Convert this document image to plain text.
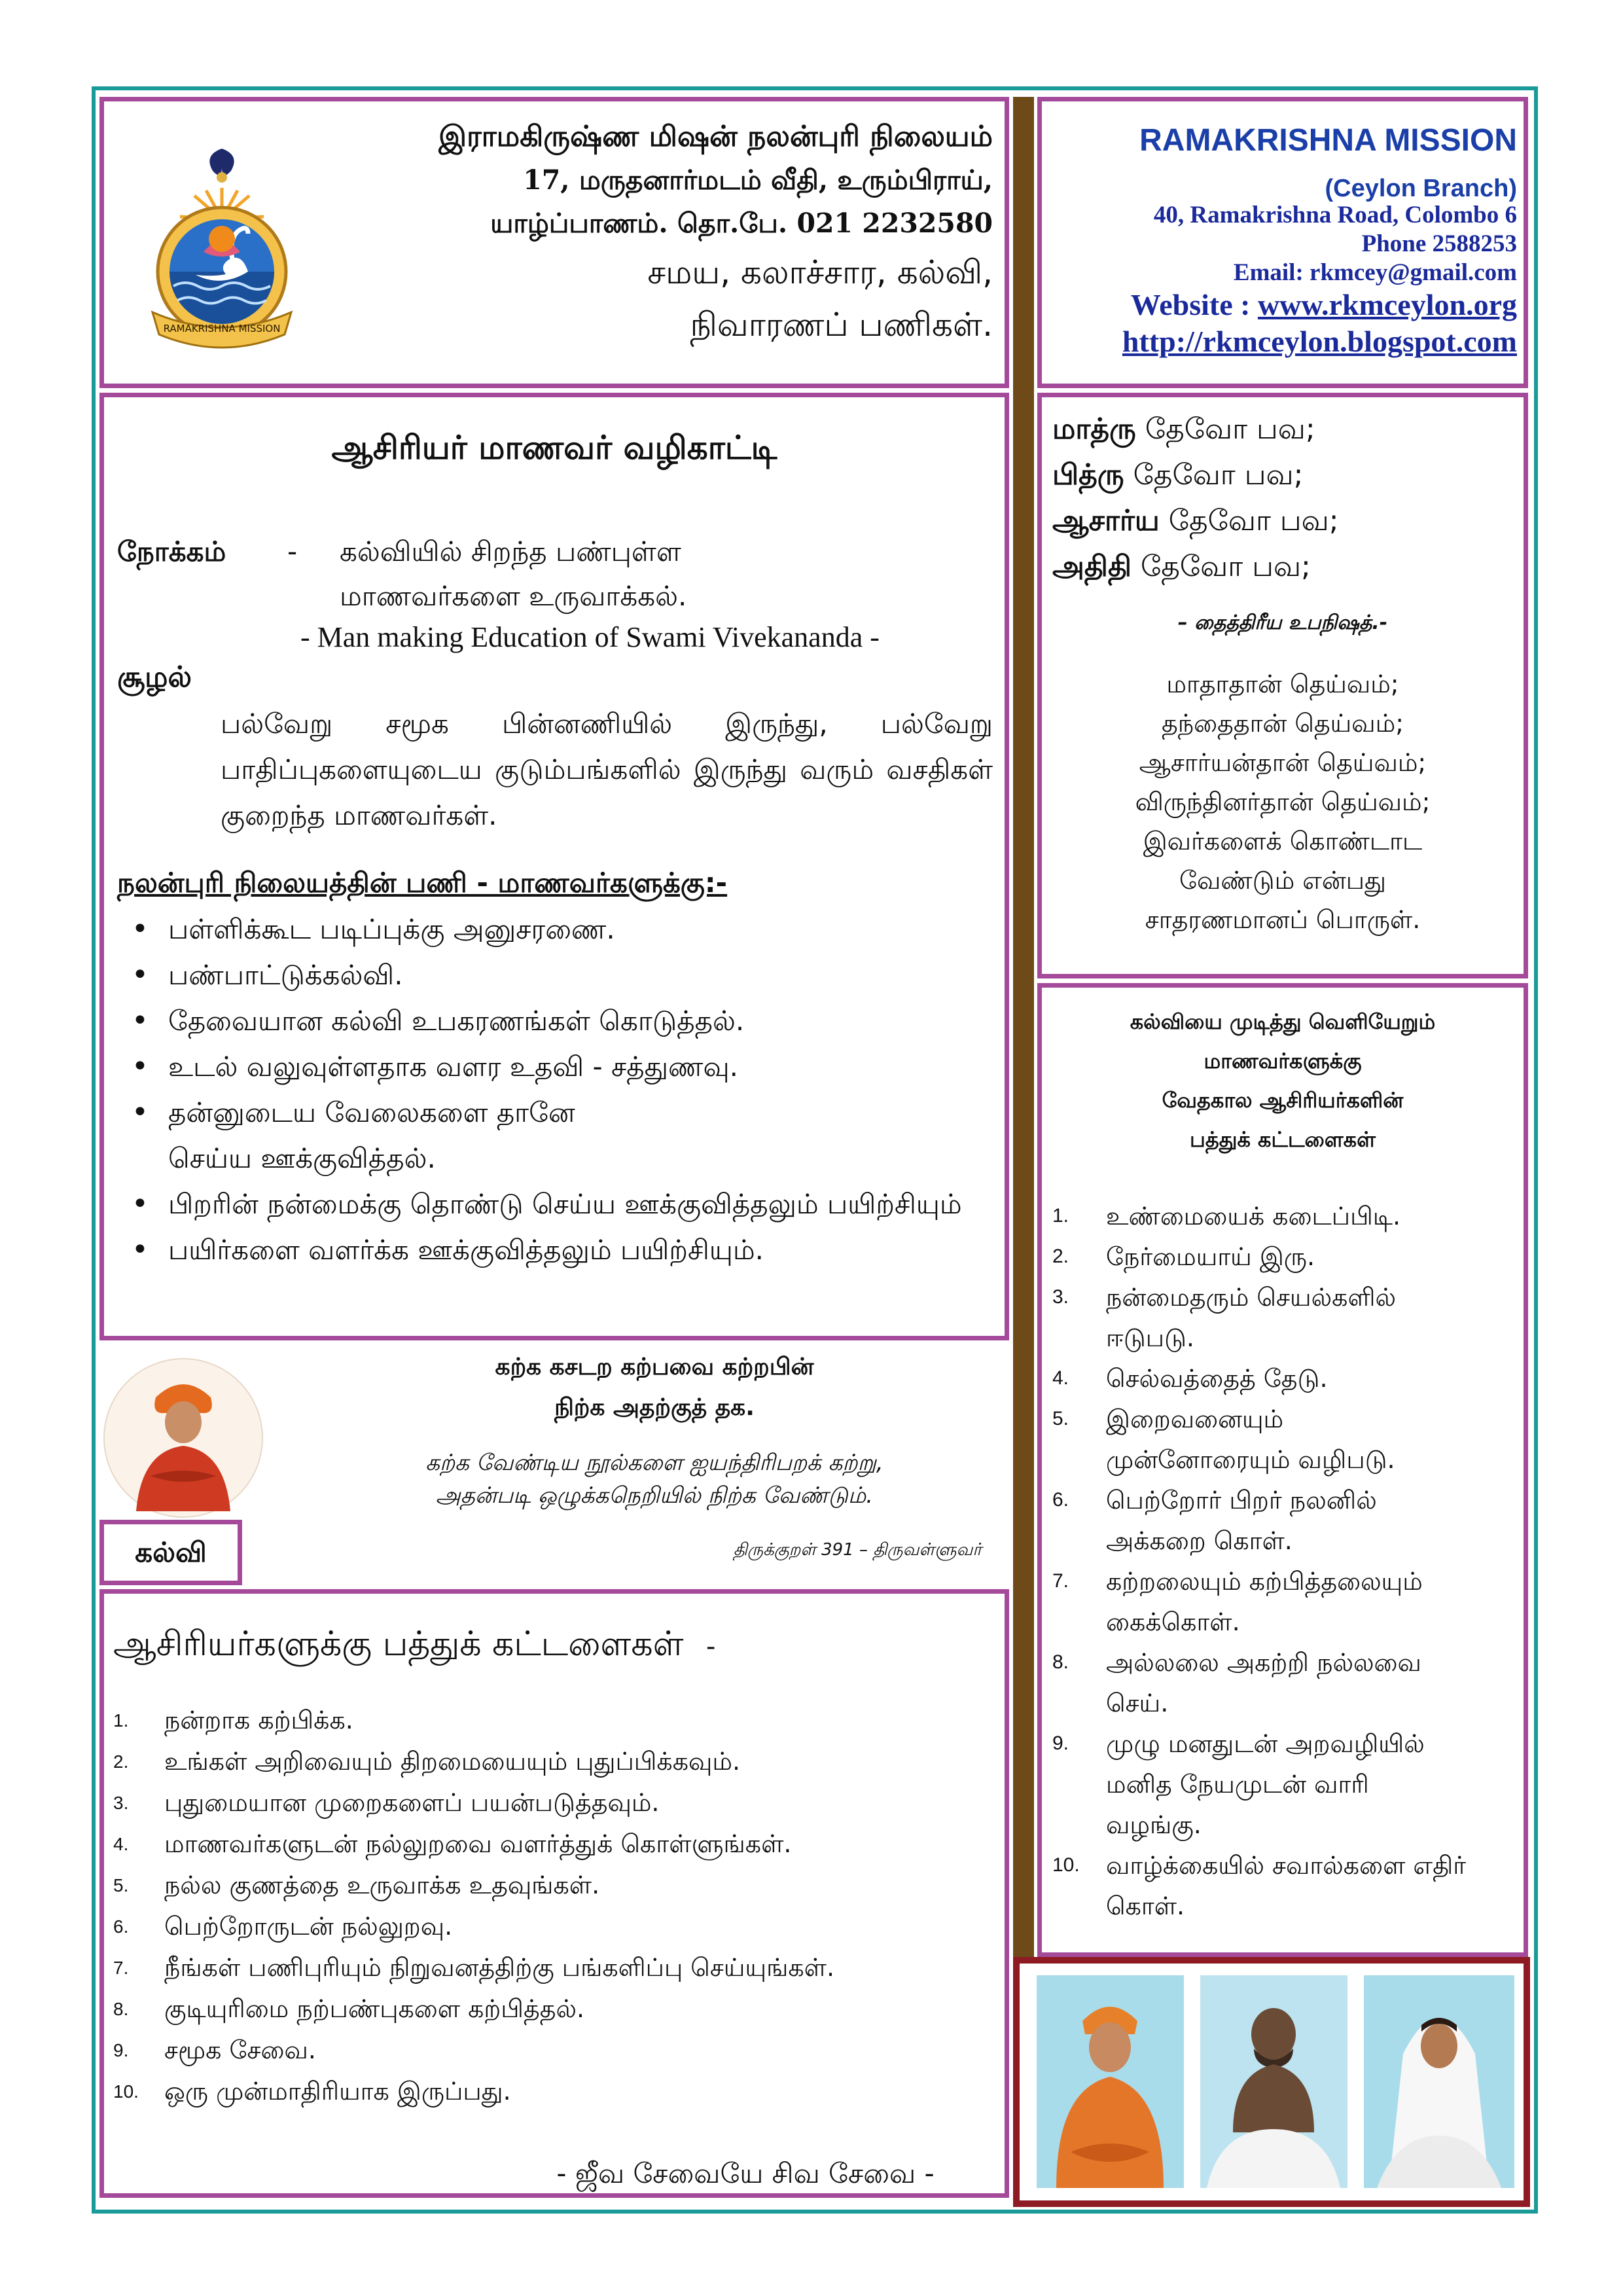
RAMAKRISHNA MISSION
இராமகிருஷ்ண மிஷன் நலன்புரி நிலையம்
17, மருதனார்மடம் வீதி, உரும்பிராய்,
யாழ்ப்பாணம். தொ.பே. 021 2232580
சமய, கலாச்சார, கல்வி,
நிவாரணப் பணிகள்.
RAMAKRISHNA MISSION
(Ceylon Branch)
40, Ramakrishna Road, Colombo 6
Phone 2588253
Email: rkmcey@gmail.com
Website : www.rkmceylon.org
http://rkmceylon.blogspot.com
ஆசிரியர் மாணவர் வழிகாட்டி
நோக்கம் - கல்வியில் சிறந்த பண்புள்ள
மாணவர்களை உருவாக்கல்.
- Man making Education of Swami Vivekananda -
சூழல்
பல்வேறு சமூக பின்னணியில் இருந்து, பல்வேறு பாதிப்புகளையுடைய குடும்பங்களில் இருந்து வரும் வசதிகள் குறைந்த மாணவர்கள்.
நலன்புரி நிலையத்தின் பணி - மாணவர்களுக்கு:-
• பள்ளிக்கூட படிப்புக்கு அனுசரணை.
• பண்பாட்டுக்கல்வி.
• தேவையான கல்வி உபகரணங்கள் கொடுத்தல்.
• உடல் வலுவுள்ளதாக வளர உதவி - சத்துணவு.
• தன்னுடைய வேலைகளை தானே செய்ய ஊக்குவித்தல்.
• பிறரின் நன்மைக்கு தொண்டு செய்ய ஊக்குவித்தலும் பயிற்சியும்
• பயிர்களை வளர்க்க ஊக்குவித்தலும் பயிற்சியும்.
கற்க கசடற கற்பவை கற்றபின்
நிற்க அதற்குத் தக.
கற்க வேண்டிய நூல்களை ஐயந்திரிபறக் கற்று,
அதன்படி ஒழுக்கநெறியில் நிற்க வேண்டும்.
திருக்குறள் 391 – திருவள்ளுவர்
கல்வி
ஆசிரியர்களுக்கு பத்துக் கட்டளைகள் -
1. நன்றாக கற்பிக்க.
2. உங்கள் அறிவையும் திறமையையும் புதுப்பிக்கவும்.
3. புதுமையான முறைகளைப் பயன்படுத்தவும்.
4. மாணவர்களுடன் நல்லுறவை வளர்த்துக் கொள்ளுங்கள்.
5. நல்ல குணத்தை உருவாக்க உதவுங்கள்.
6. பெற்றோருடன் நல்லுறவு.
7. நீங்கள் பணிபுரியும் நிறுவனத்திற்கு பங்களிப்பு செய்யுங்கள்.
8. குடியுரிமை நற்பண்புகளை கற்பித்தல்.
9. சமூக சேவை.
10. ஒரு முன்மாதிரியாக இருப்பது.
- ஜீவ சேவையே சிவ சேவை -
மாத்ரு தேவோ பவ;
பித்ரு தேவோ பவ;
ஆசார்ய தேவோ பவ;
அதிதி தேவோ பவ;
– தைத்திரீய உபநிஷத்.-
மாதாதான் தெய்வம்;
தந்தைதான் தெய்வம்;
ஆசார்யன்தான் தெய்வம்;
விருந்தினர்தான் தெய்வம்;
இவர்களைக் கொண்டாட
வேண்டும் என்பது
சாதரணமானப் பொருள்.
கல்வியை முடித்து வெளியேறும்
மாணவர்களுக்கு
வேதகால ஆசிரியர்களின்
பத்துக் கட்டளைகள்
1. உண்மையைக் கடைப்பிடி.
2. நேர்மையாய் இரு.
3. நன்மைதரும் செயல்களில் ஈடுபடு.
4. செல்வத்தைத் தேடு.
5. இறைவனையும் முன்னோரையும் வழிபடு.
6. பெற்றோர் பிறர் நலனில் அக்கறை கொள்.
7. கற்றலையும் கற்பித்தலையும் கைக்கொள்.
8. அல்லலை அகற்றி நல்லவை செய்.
9. முழு மனதுடன் அறவழியில் மனித நேயமுடன் வாரி வழங்கு.
10. வாழ்க்கையில் சவால்களை எதிர் கொள்.
